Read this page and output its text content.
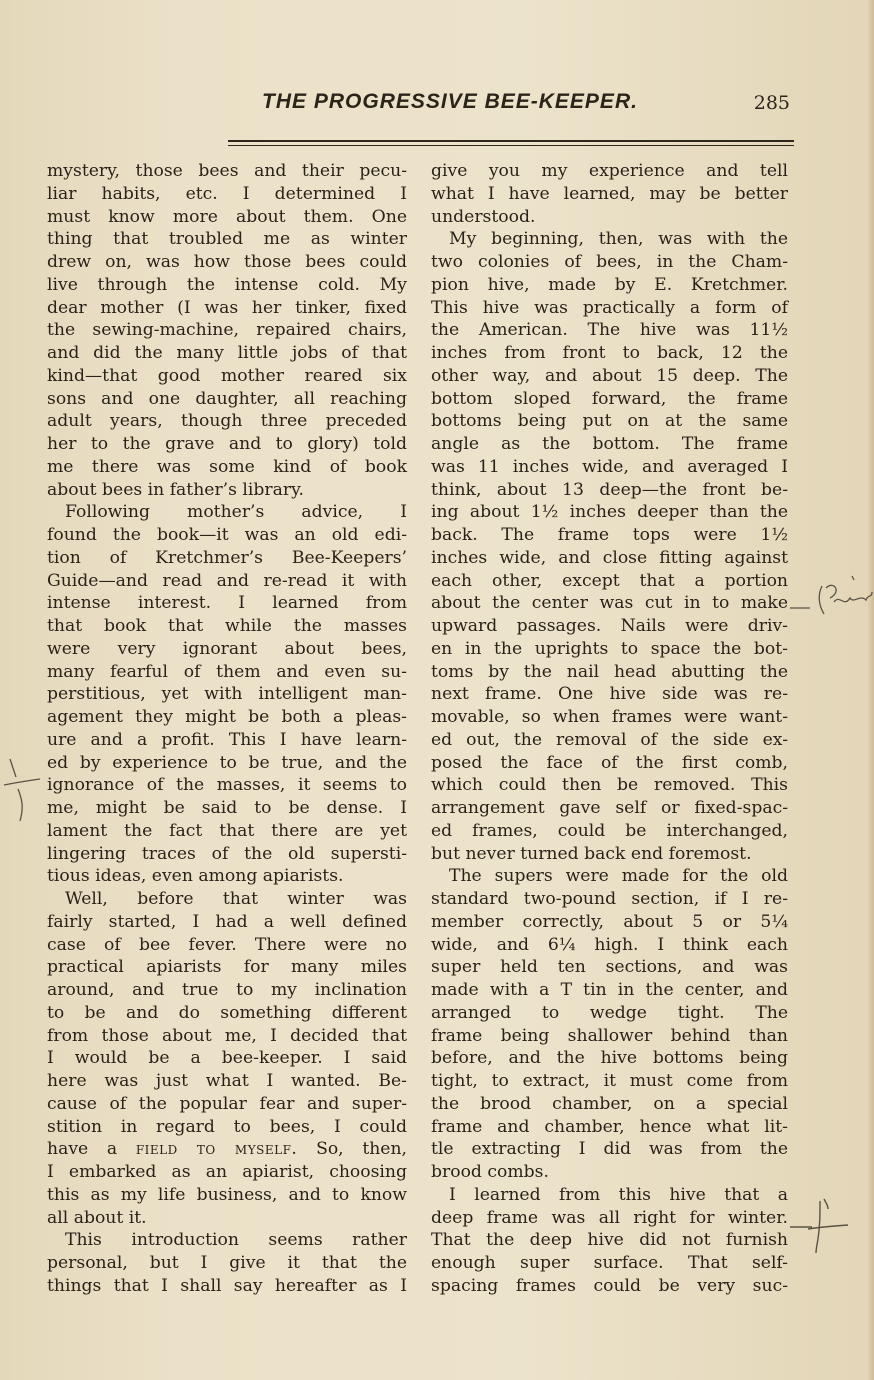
THE PROGRESSIVE BEE-KEEPER.	285
mystery, those bees and their pecu-
liar habits, etc. I determined I
must know more about them. One
thing that troubled me as winter
drew on, was how those bees could
live through the intense cold. My
dear mother (I was her tinker, fixed
the sewing-machine, repaired chairs,
and did the many little jobs of that
kind—that good mother reared six
sons and one daughter, all reaching
adult years, though three preceded
her to the grave and to glory) told
me there was some kind of book
about bees in father’s library.
Following mother’s advice, I
found the book—it was an old edi-
tion of Kretchmer’s Bee-Keepers’
Guide—and read and re-read it with
intense interest. I learned from
that book that while the masses
were very ignorant about bees,
many fearful of them and even su-
perstitious, yet with intelligent man-
agement they might be both a pleas-
ure and a profit. This I have learn-
ed by experience to be true, and the
ignorance of the masses, it seems to
me, might be said to be dense. I
lament the fact that there are yet
lingering traces of the old supersti-
tious ideas, even among apiarists.
Well, before that winter was
fairly started, I had a well defined
case of bee fever. There were no
practical apiarists for many miles
around, and true to my inclination
to be and do something different
from those about me, I decided that
I would be a bee-keeper. I said
here was just what I wanted. Be-
cause of the popular fear and super-
stition in regard to bees, I could
have a field to myself. So, then,
I embarked as an apiarist, choosing
this as my life business, and to know
all about it.
This introduction seems rather
personal, but I give it that the
things that I shall say hereafter as I
give you my experience and tell
what I have learned, may be better
understood.
My beginning, then, was with the
two colonies of bees, in the Cham-
pion hive, made by E. Kretchmer.
This hive was practically a form of
the American. The hive was 11½
inches from front to back, 12 the
other way, and about 15 deep. The
bottom sloped forward, the frame
bottoms being put on at the same
angle as the bottom. The frame
was 11 inches wide, and averaged I
think, about 13 deep—the front be-
ing about 1½ inches deeper than the
back. The frame tops were 1½
inches wide, and close fitting against
each other, except that a portion
about the center was cut in to make
upward passages. Nails were driv-
en in the uprights to space the bot-
toms by the nail head abutting the
next frame. One hive side was re-
movable, so when frames were want-
ed out, the removal of the side ex-
posed the face of the first comb,
which could then be removed. This
arrangement gave self or fixed-spac-
ed frames, could be interchanged,
but never turned back end foremost.
The supers were made for the old
standard two-pound section, if I re-
member correctly, about 5 or 5¼
wide, and 6¼ high. I think each
super held ten sections, and was
made with a T tin in the center, and
arranged to wedge tight. The
frame being shallower behind than
before, and the hive bottoms being
tight, to extract, it must come from
the brood chamber, on a special
frame and chamber, hence what lit-
tle extracting I did was from the
brood combs.
I learned from this hive that a
deep frame was all right for winter.
That the deep hive did not furnish
enough super surface. That self-
spacing frames could be very suc-
